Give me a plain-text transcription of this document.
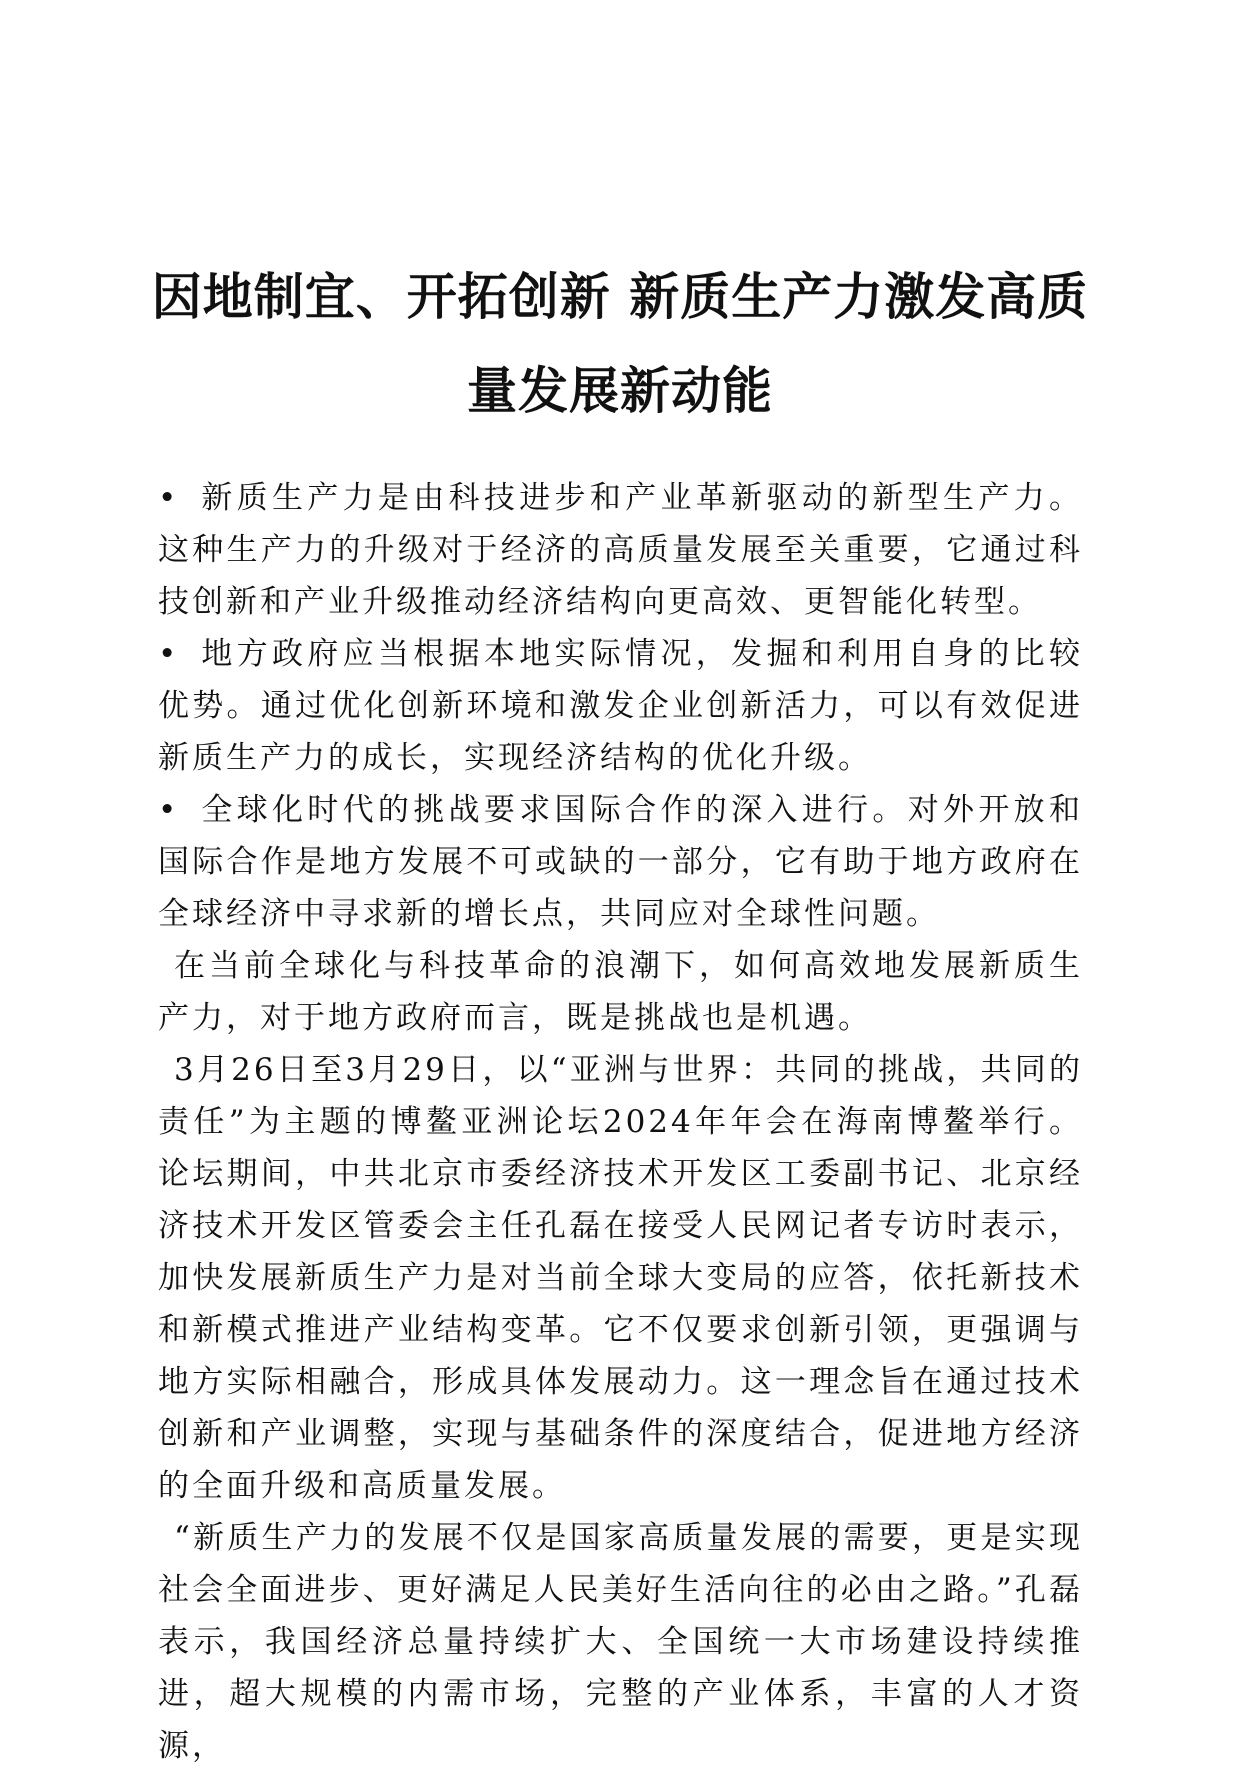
因地制宜、开拓创新 新质生产力激发高质
量发展新动能

• 新质生产力是由科技进步和产业革新驱动的新型生产力。这种生产力的升级对于经济的高质量发展至关重要，它通过科技创新和产业升级推动经济结构向更高效、更智能化转型。

• 地方政府应当根据本地实际情况，发掘和利用自身的比较优势。通过优化创新环境和激发企业创新活力，可以有效促进新质生产力的成长，实现经济结构的优化升级。

• 全球化时代的挑战要求国际合作的深入进行。对外开放和国际合作是地方发展不可或缺的一部分，它有助于地方政府在全球经济中寻求新的增长点，共同应对全球性问题。

在当前全球化与科技革命的浪潮下，如何高效地发展新质生产力，对于地方政府而言，既是挑战也是机遇。

3月26日至3月29日，以“亚洲与世界：共同的挑战，共同的责任”为主题的博鳌亚洲论坛2024年年会在海南博鳌举行。论坛期间，中共北京市委经济技术开发区工委副书记、北京经济技术开发区管委会主任孔磊在接受人民网记者专访时表示，加快发展新质生产力是对当前全球大变局的应答，依托新技术和新模式推进产业结构变革。它不仅要求创新引领，更强调与地方实际相融合，形成具体发展动力。这一理念旨在通过技术创新和产业调整，实现与基础条件的深度结合，促进地方经济的全面升级和高质量发展。

“新质生产力的发展不仅是国家高质量发展的需要，更是实现社会全面进步、更好满足人民美好生活向往的必由之路。”孔磊表示，我国经济总量持续扩大、全国统一大市场建设持续推进，超大规模的内需市场，完整的产业体系，丰富的人才资源，
